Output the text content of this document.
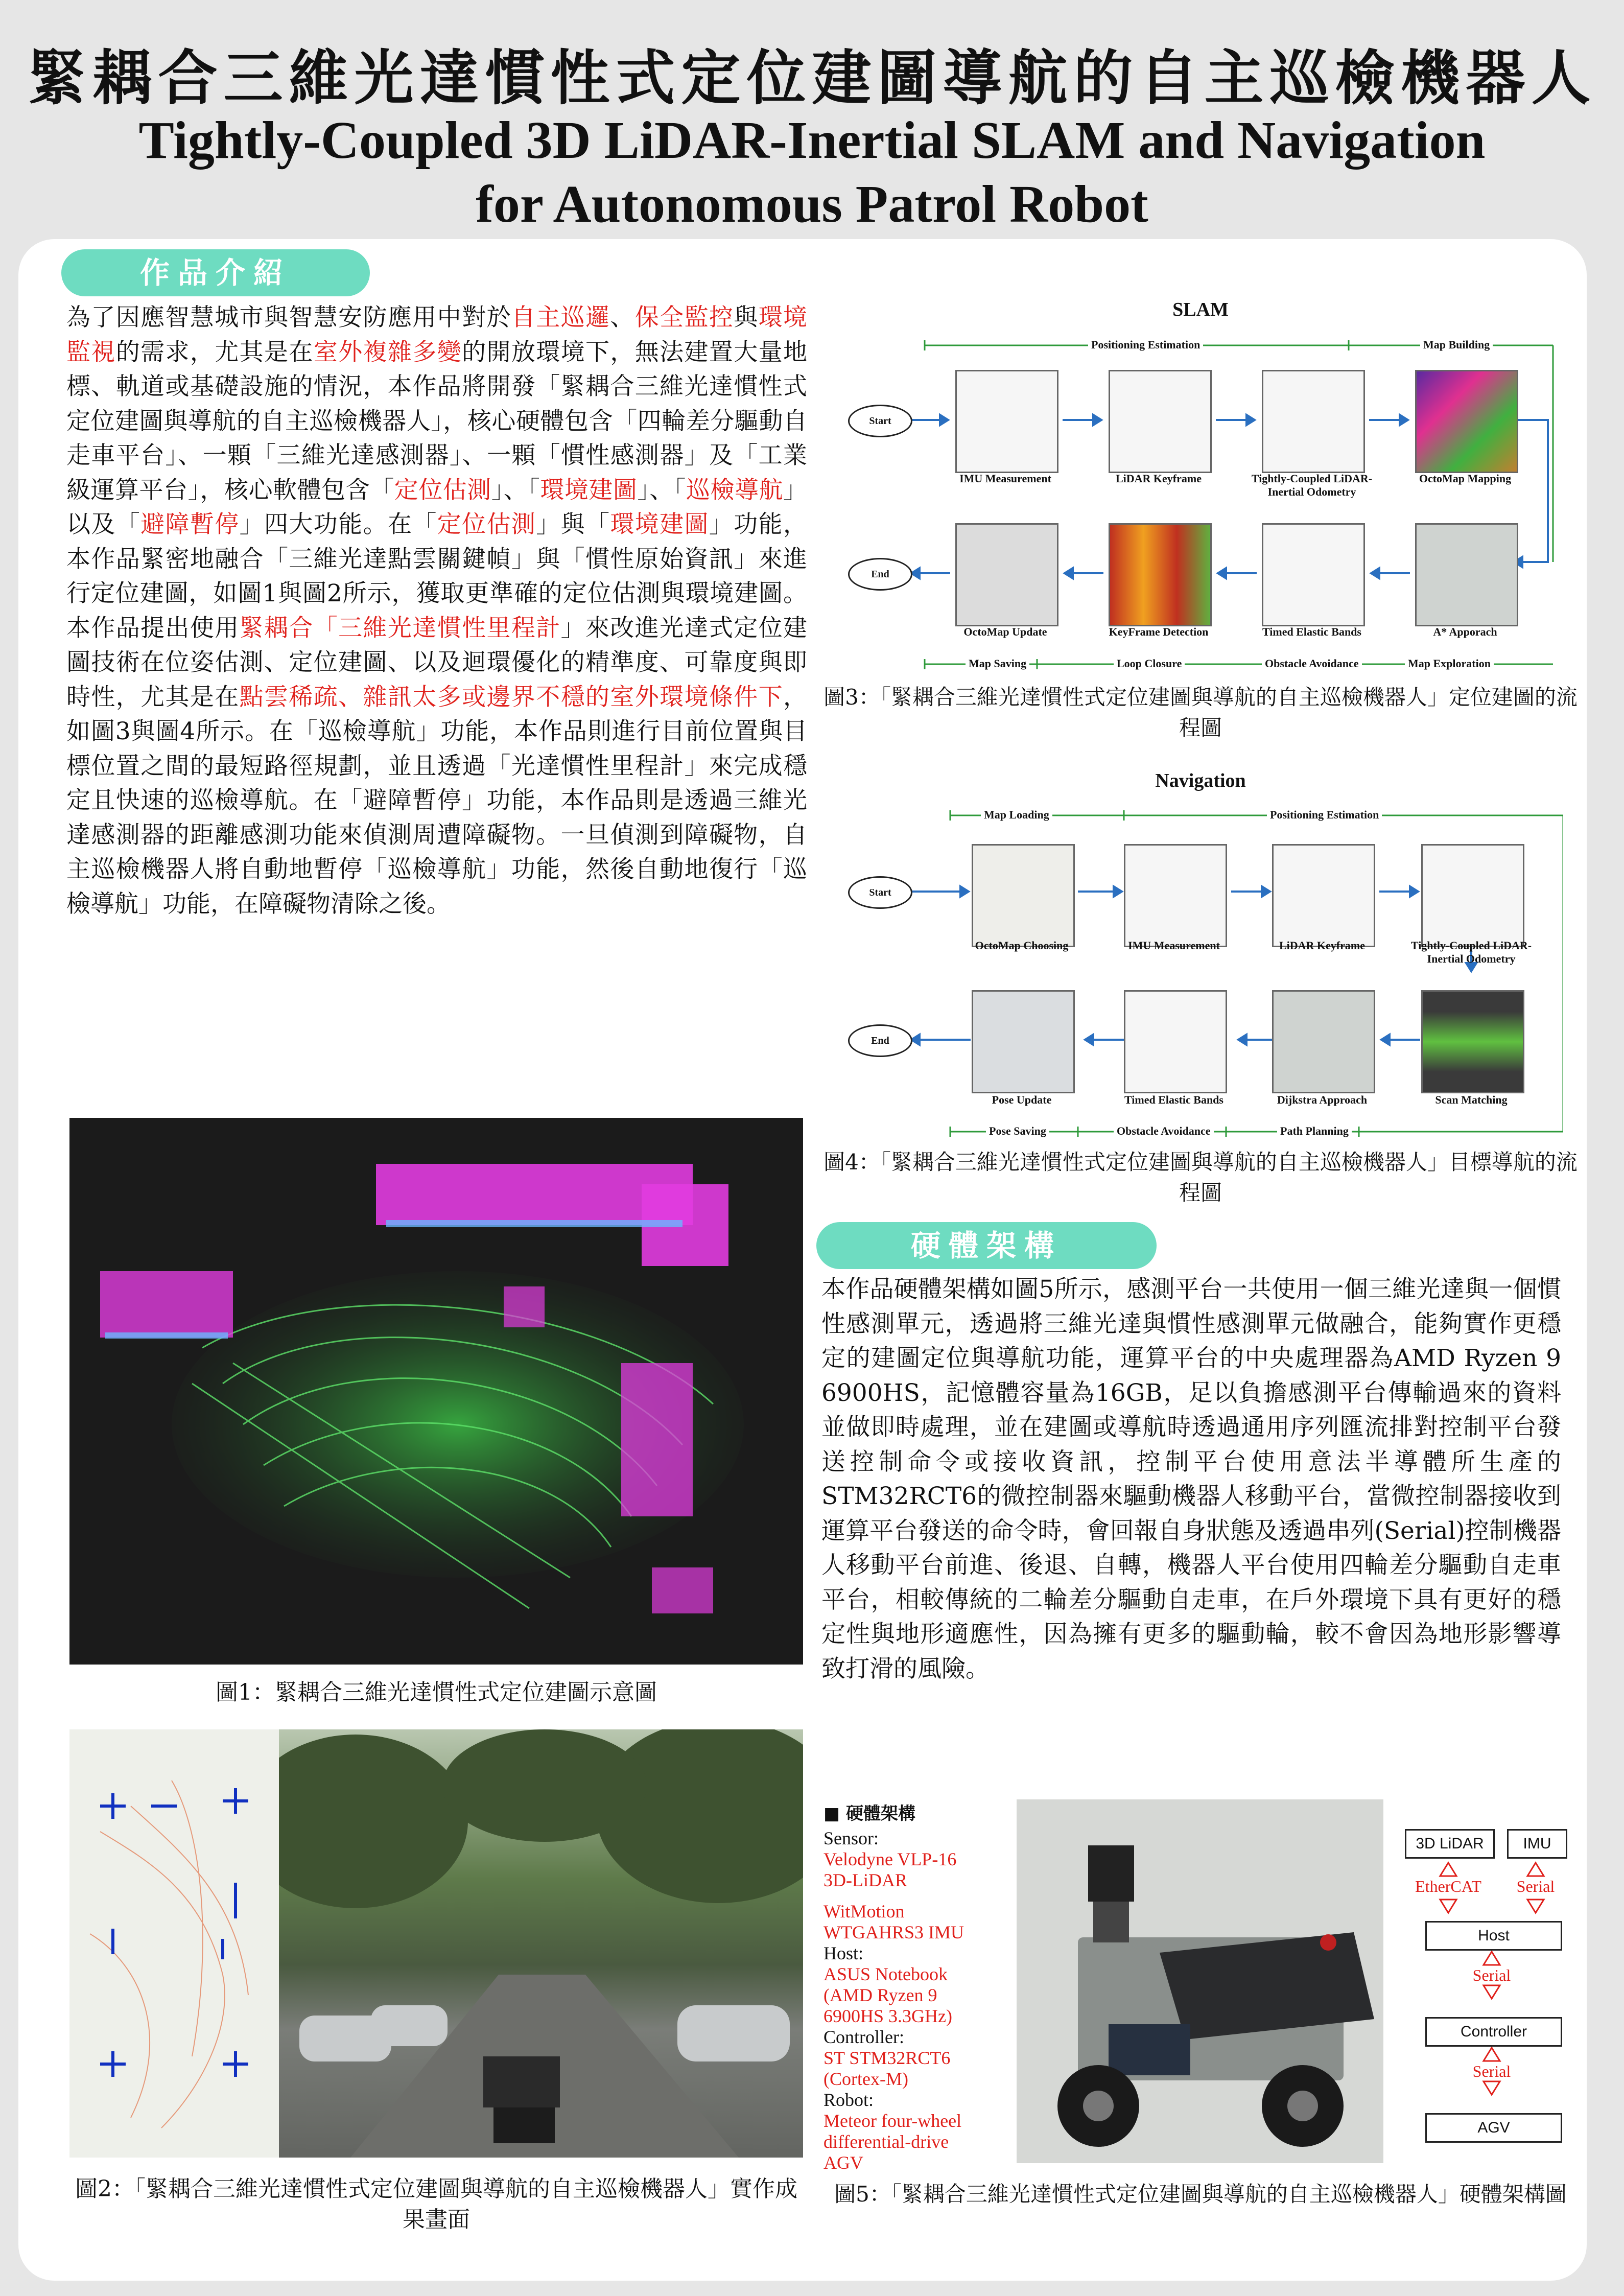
緊耦合三維光達慣性式定位建圖導航的自主巡檢機器人
Tightly-Coupled 3D LiDAR-Inertial SLAM and Navigation
for Autonomous Patrol Robot
作品介紹
為了因應智慧城市與智慧安防應用中對於自主巡邏、保全監控與環境監視的需求，尤其是在室外複雜多變的開放環境下，無法建置大量地標、軌道或基礎設施的情況，本作品將開發「緊耦合三維光達慣性式定位建圖與導航的自主巡檢機器人」，核心硬體包含「四輪差分驅動自走車平台」、一顆「三維光達感測器」、一顆「慣性感測器」及「工業級運算平台」，核心軟體包含「定位估測」、「環境建圖」、「巡檢導航」以及「避障暫停」四大功能。在「定位估測」與「環境建圖」功能，本作品緊密地融合「三維光達點雲關鍵幀」與「慣性原始資訊」來進行定位建圖，如圖1與圖2所示，獲取更準確的定位估測與環境建圖。本作品提出使用緊耦合「三維光達慣性里程計」來改進光達式定位建圖技術在位姿估測、定位建圖、以及迴環優化的精準度、可靠度與即時性，尤其是在點雲稀疏、雜訊太多或邊界不穩的室外環境條件下，如圖3與圖4所示。在「巡檢導航」功能，本作品則進行目前位置與目標位置之間的最短路徑規劃，並且透過「光達慣性里程計」來完成穩定且快速的巡檢導航。在「避障暫停」功能，本作品則是透過三維光達感測器的距離感測功能來偵測周遭障礙物。一旦偵測到障礙物，自主巡檢機器人將自動地暫停「巡檢導航」功能，然後自動地復行「巡檢導航」功能，在障礙物清除之後。
圖1：緊耦合三維光達慣性式定位建圖示意圖
圖2：「緊耦合三維光達慣性式定位建圖與導航的自主巡檢機器人」實作成果畫面
SLAM
Positioning Estimation	Map Building
Map Saving	Loop Closure	Obstacle Avoidance	Map Exploration
Start
End
IMU Measurement	LiDAR Keyframe	Tightly-Coupled LiDAR-Inertial Odometry
OctoMap Mapping
OctoMap Update	KeyFrame Detection	Timed Elastic Bands	A* Apporach
圖3：「緊耦合三維光達慣性式定位建圖與導航的自主巡檢機器人」定位建圖的流程圖
Navigation
Map Loading	Positioning Estimation
Pose Saving	Obstacle Avoidance	Path Planning
Start
End
OctoMap Choosing	IMU Measurement	LiDAR Keyframe	Tightly-Coupled LiDAR-Inertial Odometry
Pose Update	Timed Elastic Bands	Dijkstra Approach	Scan Matching
圖4：「緊耦合三維光達慣性式定位建圖與導航的自主巡檢機器人」目標導航的流程圖
硬體架構
本作品硬體架構如圖5所示，感測平台一共使用一個三維光達與一個慣性感測單元，透過將三維光達與慣性感測單元做融合，能夠實作更穩定的建圖定位與導航功能，運算平台的中央處理器為AMD Ryzen 9 6900HS，記憶體容量為16GB，足以負擔感測平台傳輸過來的資料並做即時處理，並在建圖或導航時透過通用序列匯流排對控制平台發送控制命令或接收資訊，控制平台使用意法半導體所生產的STM32RCT6的微控制器來驅動機器人移動平台，當微控制器接收到運算平台發送的命令時，會回報自身狀態及透過串列(Serial)控制機器人移動平台前進、後退、自轉，機器人平台使用四輪差分驅動自走車平台，相較傳統的二輪差分驅動自走車，在戶外環境下具有更好的穩定性與地形適應性，因為擁有更多的驅動輪，較不會因為地形影響導致打滑的風險。
■ 硬體架構
Sensor:
Velodyne VLP-16
3D-LiDAR

WitMotion
WTGAHRS3 IMU
Host:
ASUS Notebook
(AMD Ryzen 9
6900HS 3.3GHz)
Controller:
ST STM32RCT6
(Cortex-M)
Robot:
Meteor four-wheel
differential-drive
AGV
3D LiDAR	IMU
EtherCAT	Serial
Host
Serial
Controller
Serial
AGV
圖5：「緊耦合三維光達慣性式定位建圖與導航的自主巡檢機器人」硬體架構圖
